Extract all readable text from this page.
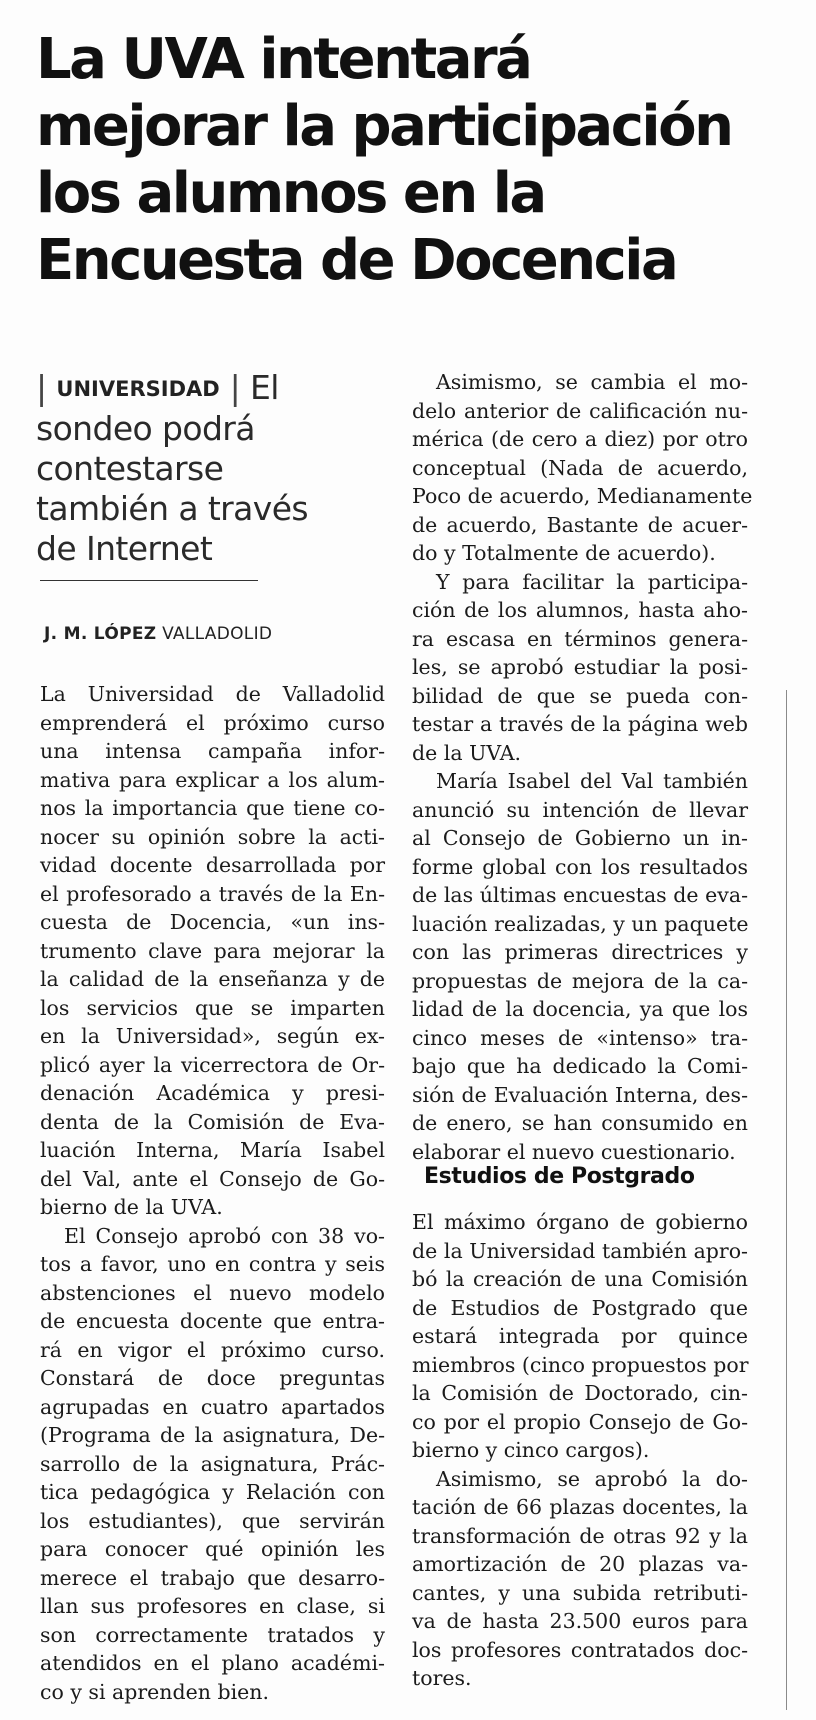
La UVA intentará
mejorar la participación
los alumnos en la
Encuesta de Docencia
| UNIVERSIDAD | El
sondeo podrá
contestarse
también a través
de Internet
J. M. LÓPEZ VALLADOLID
La Universidad de Valladolid
emprenderá el próximo curso
una intensa campaña infor-
mativa para explicar a los alum-
nos la importancia que tiene co-
nocer su opinión sobre la acti-
vidad docente desarrollada por
el profesorado a través de la En-
cuesta de Docencia, «un ins-
trumento clave para mejorar la
la calidad de la enseñanza y de
los servicios que se imparten
en la Universidad», según ex-
plicó ayer la vicerrectora de Or-
denación Académica y presi-
denta de la Comisión de Eva-
luación Interna, María Isabel
del Val, ante el Consejo de Go-
bierno de la UVA.
El Consejo aprobó con 38 vo-
tos a favor, uno en contra y seis
abstenciones el nuevo modelo
de encuesta docente que entra-
rá en vigor el próximo curso.
Constará de doce preguntas
agrupadas en cuatro apartados
(Programa de la asignatura, De-
sarrollo de la asignatura, Prác-
tica pedagógica y Relación con
los estudiantes), que servirán
para conocer qué opinión les
merece el trabajo que desarro-
llan sus profesores en clase, si
son correctamente tratados y
atendidos en el plano académi-
co y si aprenden bien.
Asimismo, se cambia el mo-
delo anterior de calificación nu-
mérica (de cero a diez) por otro
conceptual (Nada de acuerdo,
Poco de acuerdo, Medianamente
de acuerdo, Bastante de acuer-
do y Totalmente de acuerdo).
Y para facilitar la participa-
ción de los alumnos, hasta aho-
ra escasa en términos genera-
les, se aprobó estudiar la posi-
bilidad de que se pueda con-
testar a través de la página web
de la UVA.
María Isabel del Val también
anunció su intención de llevar
al Consejo de Gobierno un in-
forme global con los resultados
de las últimas encuestas de eva-
luación realizadas, y un paquete
con las primeras directrices y
propuestas de mejora de la ca-
lidad de la docencia, ya que los
cinco meses de «intenso» tra-
bajo que ha dedicado la Comi-
sión de Evaluación Interna, des-
de enero, se han consumido en
elaborar el nuevo cuestionario.
Estudios de Postgrado
El máximo órgano de gobierno
de la Universidad también apro-
bó la creación de una Comisión
de Estudios de Postgrado que
estará integrada por quince
miembros (cinco propuestos por
la Comisión de Doctorado, cin-
co por el propio Consejo de Go-
bierno y cinco cargos).
Asimismo, se aprobó la do-
tación de 66 plazas docentes, la
transformación de otras 92 y la
amortización de 20 plazas va-
cantes, y una subida retributi-
va de hasta 23.500 euros para
los profesores contratados doc-
tores.
